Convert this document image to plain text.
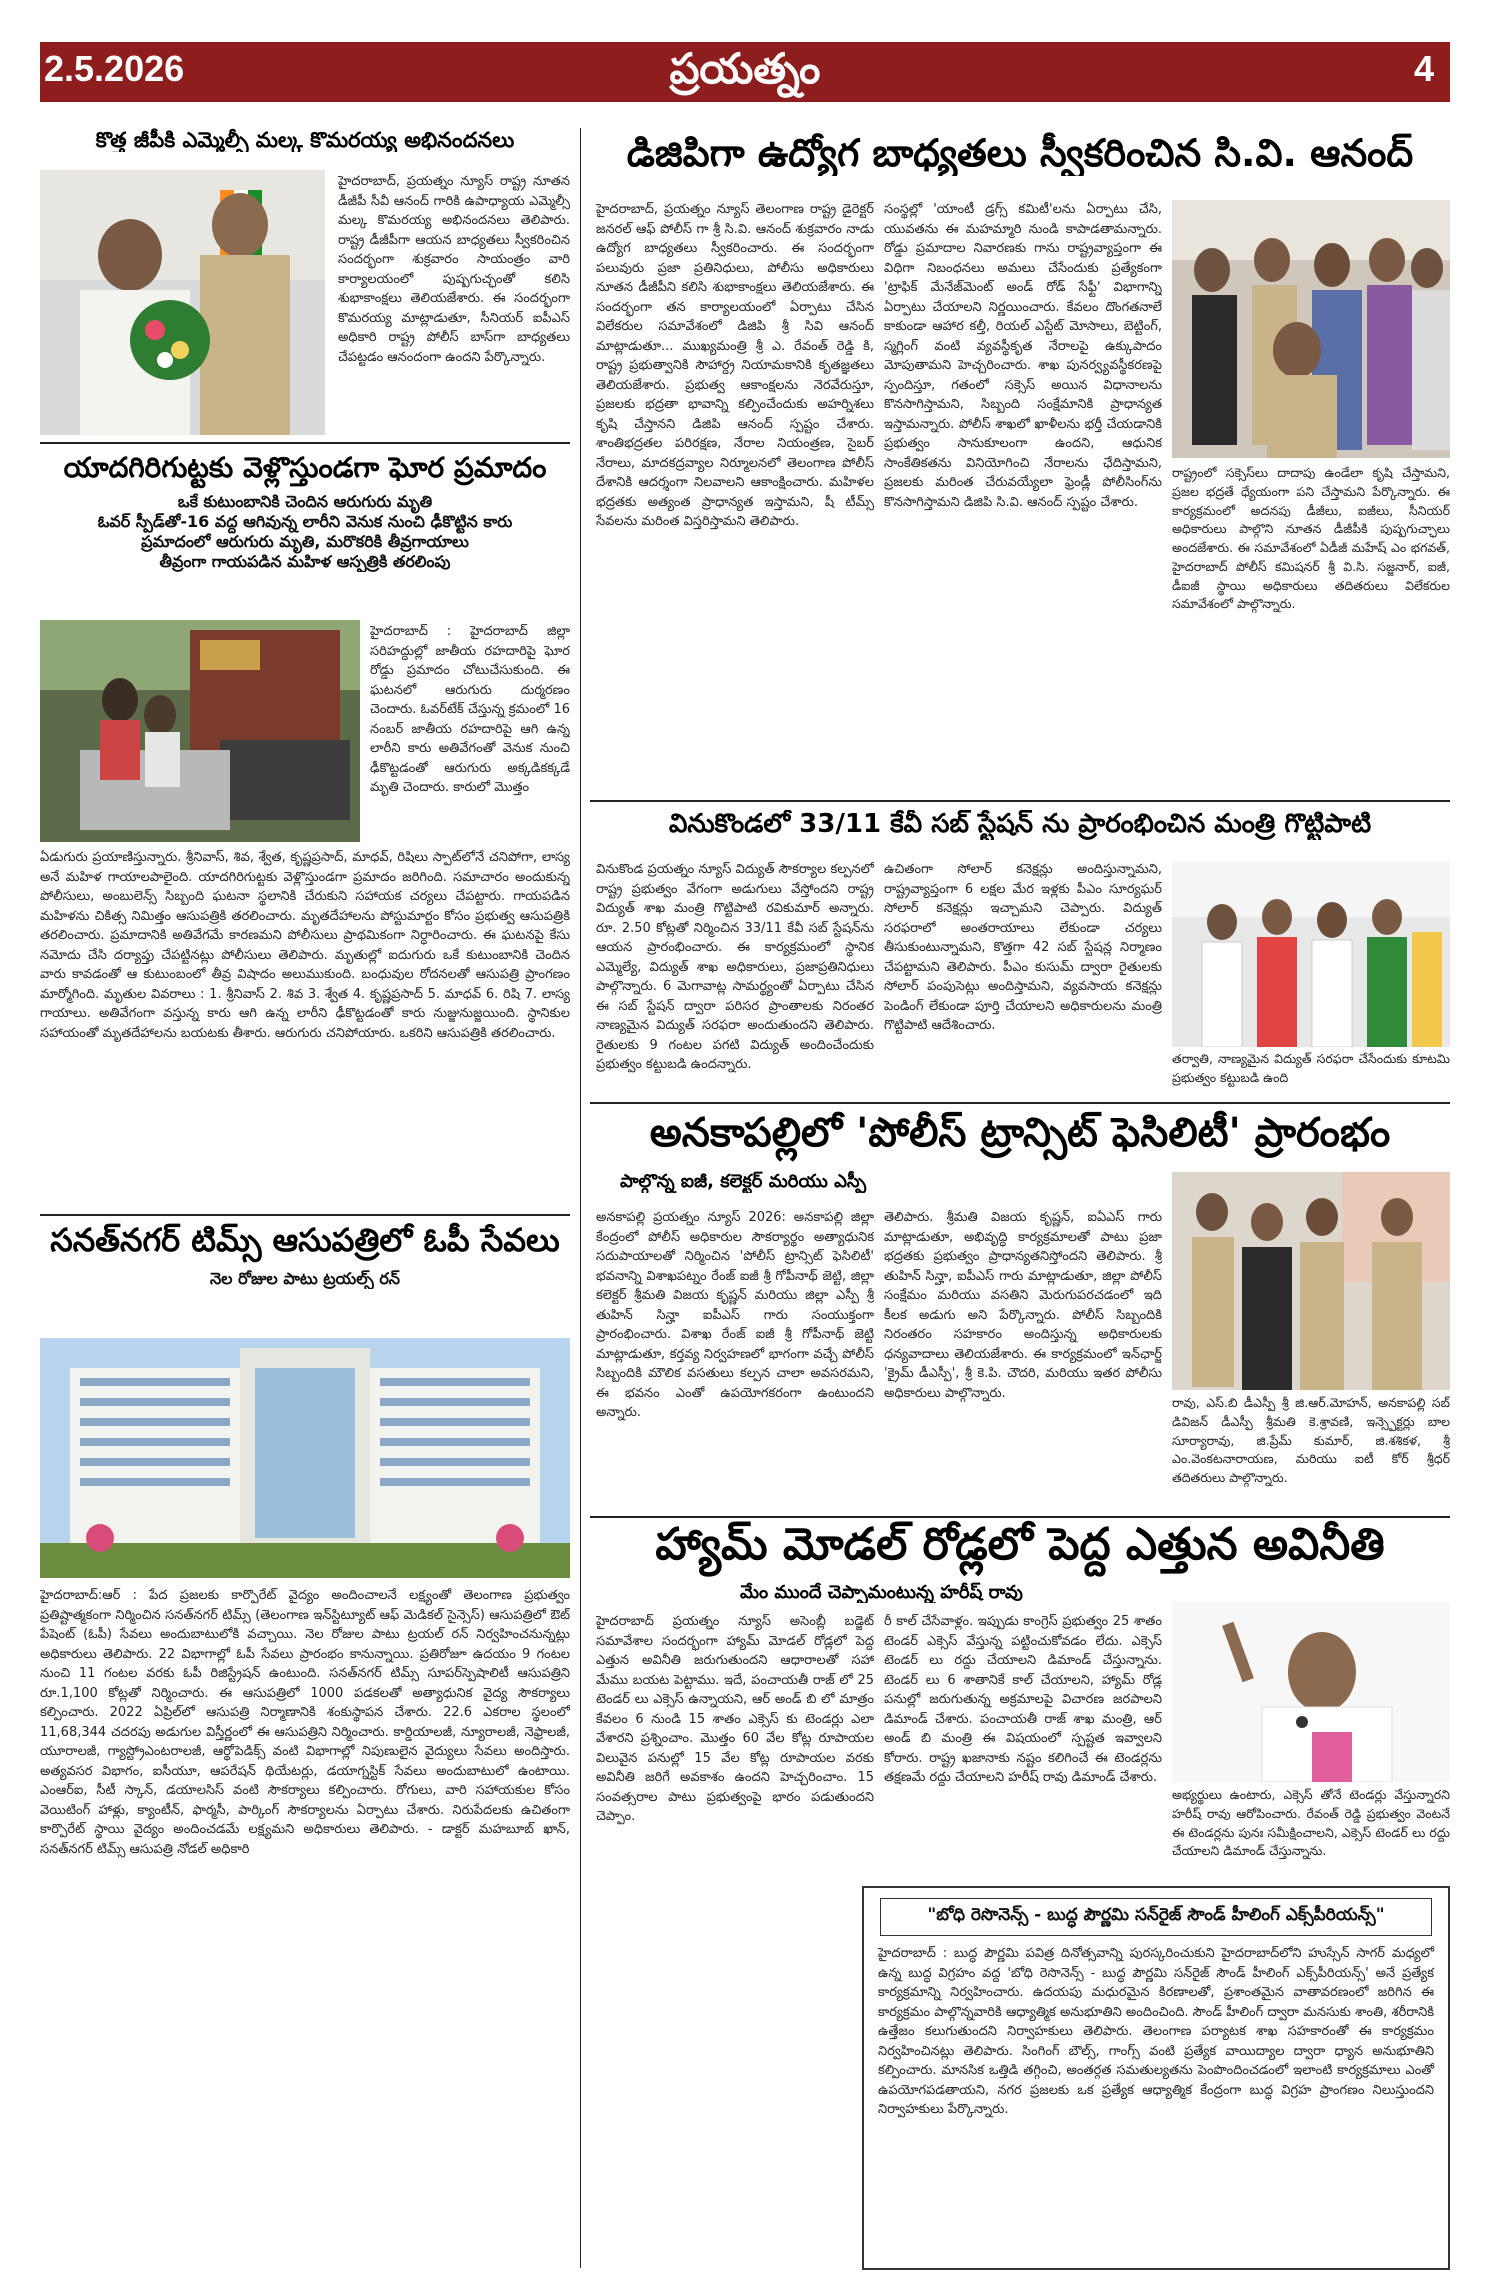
2.5.2026	ప్రయత్నం	4
కొత్త జీపీకి ఎమ్మెల్సీ మల్క కొమరయ్య అభినందనలు
హైదరాబాద్, ప్రయత్నం న్యూస్ రాష్ట్ర నూతన డీజీపీ సీవీ ఆనంద్ గారికి ఉపాధ్యాయ ఎమ్మెల్సీ మల్క కొమరయ్య అభినందనలు తెలిపారు. రాష్ట్ర డీజీపీగా ఆయన బాధ్యతలు స్వీకరించిన సందర్భంగా శుక్రవారం సాయంత్రం వారి కార్యాలయంలో పుష్పగుచ్ఛంతో కలిసి శుభాకాంక్షలు తెలియజేశారు. ఈ సందర్భంగా కొమరయ్య మాట్లాడుతూ, సీనియర్ ఐపీఎస్ అధికారి రాష్ట్ర పోలీస్ బాస్‌గా బాధ్యతలు చేపట్టడం ఆనందంగా ఉందని పేర్కొన్నారు.
యాదగిరిగుట్టకు వెళ్లొస్తుండగా ఘోర ప్రమాదం
ఒకే కుటుంబానికి చెందిన ఆరుగురు మృతి
ఓవర్ స్పీడ్‌తో-16 వద్ద ఆగివున్న లారీని వెనుక నుంచి ఢీకొట్టిన కారు
ప్రమాదంలో ఆరుగురు మృతి, మరొకరికి తీవ్రగాయాలు
తీవ్రంగా గాయపడిన మహిళ ఆస్పత్రికి తరలింపు
హైదరాబాద్ : హైదరాబాద్ జిల్లా సరిహద్దుల్లో జాతీయ రహదారిపై ఘోర రోడ్డు ప్రమాదం చోటుచేసుకుంది. ఈ ఘటనలో ఆరుగురు దుర్మరణం చెందారు. ఓవర్‌టేక్ చేస్తున్న క్రమంలో 16 నంబర్ జాతీయ రహదారిపై ఆగి ఉన్న లారీని కారు అతివేగంతో వెనుక నుంచి ఢీకొట్టడంతో ఆరుగురు అక్కడికక్కడే మృతి చెందారు. కారులో మొత్తం
ఏడుగురు ప్రయాణిస్తున్నారు. శ్రీనివాస్, శివ, శ్వేత, కృష్ణప్రసాద్, మాధవ్, రిషిలు స్పాట్‌లోనే చనిపోగా, లాస్య అనే మహిళ గాయాలపాలైంది. యాదగిరిగుట్టకు వెళ్లొస్తుండగా ప్రమాదం జరిగింది. సమాచారం అందుకున్న పోలీసులు, అంబులెన్స్ సిబ్బంది ఘటనా స్థలానికి చేరుకుని సహాయక చర్యలు చేపట్టారు. గాయపడిన మహిళను చికిత్స నిమిత్తం ఆసుపత్రికి తరలించారు. మృతదేహాలను పోస్టుమార్టం కోసం ప్రభుత్వ ఆసుపత్రికి తరలించారు. ప్రమాదానికి అతివేగమే కారణమని పోలీసులు ప్రాథమికంగా నిర్ధారించారు. ఈ ఘటనపై కేసు నమోదు చేసి దర్యాప్తు చేపట్టినట్లు పోలీసులు తెలిపారు. మృతుల్లో ఐదుగురు ఒకే కుటుంబానికి చెందిన వారు కావడంతో ఆ కుటుంబంలో తీవ్ర విషాదం అలుముకుంది. బంధువుల రోదనలతో ఆసుపత్రి ప్రాంగణం మార్మోగింది. మృతుల వివరాలు : 1. శ్రీనివాస్ 2. శివ 3. శ్వేత 4. కృష్ణప్రసాద్ 5. మాధవ్ 6. రిషి 7. లాస్య గాయాలు. అతివేగంగా వస్తున్న కారు ఆగి ఉన్న లారీని ఢీకొట్టడంతో కారు నుజ్జునుజ్జయింది. స్థానికుల సహాయంతో మృతదేహాలను బయటకు తీశారు. ఆరుగురు చనిపోయారు. ఒకరిని ఆసుపత్రికి తరలించారు.
సనత్‌నగర్ టిమ్స్ ఆసుపత్రిలో ఓపీ సేవలు
నెల రోజుల పాటు ట్రయల్స్ రన్
హైదరాబాద్:ఆర్ : పేద ప్రజలకు కార్పొరేట్ వైద్యం అందించాలనే లక్ష్యంతో తెలంగాణ ప్రభుత్వం ప్రతిష్టాత్మకంగా నిర్మించిన సనత్‌నగర్ టిమ్స్ (తెలంగాణ ఇన్‌స్టిట్యూట్ ఆఫ్ మెడికల్ సైన్సెస్) ఆసుపత్రిలో ఔట్ పేషెంట్ (ఓపీ) సేవలు అందుబాటులోకి వచ్చాయి. నెల రోజుల పాటు ట్రయల్ రన్ నిర్వహించనున్నట్లు అధికారులు తెలిపారు. 22 విభాగాల్లో ఓపీ సేవలు ప్రారంభం కానున్నాయి. ప్రతిరోజూ ఉదయం 9 గంటల నుంచి 11 గంటల వరకు ఓపీ రిజిస్ట్రేషన్ ఉంటుంది. సనత్‌నగర్ టిమ్స్ సూపర్‌స్పెషాలిటీ ఆసుపత్రిని రూ.1,100 కోట్లతో నిర్మించారు. ఈ ఆసుపత్రిలో 1000 పడకలతో అత్యాధునిక వైద్య సౌకర్యాలు కల్పించారు. 2022 ఏప్రిల్‌లో ఆసుపత్రి నిర్మాణానికి శంకుస్థాపన చేశారు. 22.6 ఎకరాల స్థలంలో 11,68,344 చదరపు అడుగుల విస్తీర్ణంలో ఈ ఆసుపత్రిని నిర్మించారు. కార్డియాలజీ, న్యూరాలజీ, నెఫ్రాలజీ, యూరాలజీ, గ్యాస్ట్రోఎంటరాలజీ, ఆర్థోపెడిక్స్ వంటి విభాగాల్లో నిపుణులైన వైద్యులు సేవలు అందిస్తారు. అత్యవసర విభాగం, ఐసీయూ, ఆపరేషన్ థియేటర్లు, డయాగ్నస్టిక్ సేవలు అందుబాటులో ఉంటాయి. ఎంఆర్ఐ, సీటీ స్కాన్, డయాలసిస్ వంటి సౌకర్యాలు కల్పించారు. రోగులు, వారి సహాయకుల కోసం వెయిటింగ్ హాళ్లు, క్యాంటీన్, ఫార్మసీ, పార్కింగ్ సౌకర్యాలను ఏర్పాటు చేశారు. నిరుపేదలకు ఉచితంగా కార్పొరేట్ స్థాయి వైద్యం అందించడమే లక్ష్యమని అధికారులు తెలిపారు. - డాక్టర్ మహబూబ్ ఖాన్, సనత్‌నగర్ టిమ్స్ ఆసుపత్రి నోడల్ అధికారి
డిజిపిగా ఉద్యోగ బాధ్యతలు స్వీకరించిన సి.వి. ఆనంద్
హైదరాబాద్, ప్రయత్నం న్యూస్ తెలంగాణ రాష్ట్ర డైరెక్టర్ జనరల్ ఆఫ్ పోలీస్ గా శ్రీ సి.వి. ఆనంద్ శుక్రవారం నాడు ఉద్యోగ బాధ్యతలు స్వీకరించారు. ఈ సందర్భంగా పలువురు ప్రజా ప్రతినిధులు, పోలీసు అధికారులు నూతన డీజీపీని కలిసి శుభాకాంక్షలు తెలియజేశారు. ఈ సందర్భంగా తన కార్యాలయంలో ఏర్పాటు చేసిన విలేకరుల సమావేశంలో డిజిపి శ్రీ సివి ఆనంద్ మాట్లాడుతూ... ముఖ్యమంత్రి శ్రీ ఎ. రేవంత్ రెడ్డి కి, రాష్ట్ర ప్రభుత్వానికి సౌహార్ద్ర నియామకానికి కృతజ్ఞతలు తెలియజేశారు. ప్రభుత్వ ఆకాంక్షలను నెరవేరుస్తూ, ప్రజలకు భద్రతా భావాన్ని కల్పించేందుకు అహర్నిశలు కృషి చేస్తానని డిజిపి ఆనంద్ స్పష్టం చేశారు. శాంతిభద్రతల పరిరక్షణ, నేరాల నియంత్రణ, సైబర్ నేరాలు, మాదకద్రవ్యాల నిర్మూలనలో తెలంగాణ పోలీస్ దేశానికి ఆదర్శంగా నిలవాలని ఆకాంక్షించారు. మహిళల భద్రతకు అత్యంత ప్రాధాన్యత ఇస్తామని, షీ టీమ్స్ సేవలను మరింత విస్తరిస్తామని తెలిపారు.
సంస్థల్లో 'యాంటీ డ్రగ్స్ కమిటీ'లను ఏర్పాటు చేసి, యువతను ఈ మహమ్మారి నుండి కాపాడతామన్నారు. రోడ్డు ప్రమాదాల నివారణకు గాను రాష్ట్రవ్యాప్తంగా ఈ విధిగా నిబంధనలు అమలు చేసేందుకు ప్రత్యేకంగా 'ట్రాఫిక్ మేనేజ్‌మెంట్ అండ్ రోడ్ సేఫ్టీ' విభాగాన్ని ఏర్పాటు చేయాలని నిర్ణయించారు. కేవలం దొంగతనాలే కాకుండా ఆహార కల్తీ, రియల్ ఎస్టేట్ మోసాలు, బెట్టింగ్, స్మగ్లింగ్ వంటి వ్యవస్థీకృత నేరాలపై ఉక్కుపాదం మోపుతామని హెచ్చరించారు. శాఖ పునర్వ్యవస్థీకరణపై స్పందిస్తూ, గతంలో సక్సెస్ అయిన విధానాలను కొనసాగిస్తామని, సిబ్బంది సంక్షేమానికి ప్రాధాన్యత ఇస్తామన్నారు. పోలీస్ శాఖలో ఖాళీలను భర్తీ చేయడానికి ప్రభుత్వం సానుకూలంగా ఉందని, ఆధునిక సాంకేతికతను వినియోగించి నేరాలను ఛేదిస్తామని, ప్రజలకు మరింత చేరువయ్యేలా ఫ్రెండ్లీ పోలీసింగ్‌ను కొనసాగిస్తామని డిజిపి సి.వి. ఆనంద్ స్పష్టం చేశారు.
రాష్ట్రంలో సక్సెస్‌లు దాదాపు ఉండేలా కృషి చేస్తామని, ప్రజల భద్రతే ధ్యేయంగా పని చేస్తామని పేర్కొన్నారు. ఈ కార్యక్రమంలో అదనపు డీజీలు, ఐజీలు, సీనియర్ అధికారులు పాల్గొని నూతన డీజీపీకి పుష్పగుచ్ఛాలు అందజేశారు. ఈ సమావేశంలో ఏడీజీ మహేష్ ఎం భగవత్, హైదరాబాద్ పోలీస్ కమిషనర్ శ్రీ వి.సి. సజ్జనార్, ఐజీ, డీఐజీ స్థాయి అధికారులు తదితరులు విలేకరుల సమావేశంలో పాల్గొన్నారు.
వినుకొండలో 33/11 కేవీ సబ్ స్టేషన్ ను ప్రారంభించిన మంత్రి గొట్టిపాటి
వినుకొండ ప్రయత్నం న్యూస్ విద్యుత్ సౌకర్యాల కల్పనలో రాష్ట్ర ప్రభుత్వం వేగంగా అడుగులు వేస్తోందని రాష్ట్ర విద్యుత్ శాఖ మంత్రి గొట్టిపాటి రవికుమార్ అన్నారు. రూ. 2.50 కోట్లతో నిర్మించిన 33/11 కేవీ సబ్ స్టేషన్‌ను ఆయన ప్రారంభించారు. ఈ కార్యక్రమంలో స్థానిక ఎమ్మెల్యే, విద్యుత్ శాఖ అధికారులు, ప్రజాప్రతినిధులు పాల్గొన్నారు. 6 మెగావాట్ల సామర్థ్యంతో ఏర్పాటు చేసిన ఈ సబ్ స్టేషన్ ద్వారా పరిసర ప్రాంతాలకు నిరంతర నాణ్యమైన విద్యుత్ సరఫరా అందుతుందని తెలిపారు. రైతులకు 9 గంటల పగటి విద్యుత్ అందించేందుకు ప్రభుత్వం కట్టుబడి ఉందన్నారు.
ఉచితంగా సోలార్ కనెక్షన్లు అందిస్తున్నామని, రాష్ట్రవ్యాప్తంగా 6 లక్షల మేర ఇళ్లకు పీఎం సూర్యఘర్ సోలార్ కనెక్షన్లు ఇచ్చామని చెప్పారు. విద్యుత్ సరఫరాలో అంతరాయాలు లేకుండా చర్యలు తీసుకుంటున్నామని, కొత్తగా 42 సబ్ స్టేషన్ల నిర్మాణం చేపట్టామని తెలిపారు. పీఎం కుసుమ్ ద్వారా రైతులకు సోలార్ పంపుసెట్లు అందిస్తామని, వ్యవసాయ కనెక్షన్లు పెండింగ్ లేకుండా పూర్తి చేయాలని అధికారులను మంత్రి గొట్టిపాటి ఆదేశించారు.
తర్వాతి, నాణ్యమైన విద్యుత్ సరఫరా చేసేందుకు కూటమి ప్రభుత్వం కట్టుబడి ఉంది
అనకాపల్లిలో 'పోలీస్ ట్రాన్సిట్ ఫెసిలిటీ' ప్రారంభం
పాల్గొన్న ఐజీ, కలెక్టర్ మరియు ఎస్పీ
అనకాపల్లి ప్రయత్నం న్యూస్ 2026: అనకాపల్లి జిల్లా కేంద్రంలో పోలీస్ అధికారుల సౌకర్యార్థం అత్యాధునిక సదుపాయాలతో నిర్మించిన 'పోలీస్ ట్రాన్సిట్ ఫెసిలిటీ' భవనాన్ని విశాఖపట్నం రేంజ్ ఐజీ శ్రీ గోపీనాథ్ జెట్టి, జిల్లా కలెక్టర్ శ్రీమతి విజయ కృష్ణన్ మరియు జిల్లా ఎస్పీ శ్రీ తుహిన్ సిన్హా ఐపీఎస్ గారు సంయుక్తంగా ప్రారంభించారు. విశాఖ రేంజ్ ఐజీ శ్రీ గోపీనాథ్ జెట్టి మాట్లాడుతూ, కర్తవ్య నిర్వహణలో భాగంగా వచ్చే పోలీస్ సిబ్బందికి మౌలిక వసతులు కల్పన చాలా అవసరమని, ఈ భవనం ఎంతో ఉపయోగకరంగా ఉంటుందని అన్నారు.
తెలిపారు. శ్రీమతి విజయ కృష్ణన్, ఐఏఎస్ గారు మాట్లాడుతూ, అభివృద్ధి కార్యక్రమాలతో పాటు ప్రజా భద్రతకు ప్రభుత్వం ప్రాధాన్యతనిస్తోందని తెలిపారు. శ్రీ తుహిన్ సిన్హా, ఐపీఎస్ గారు మాట్లాడుతూ, జిల్లా పోలీస్ సంక్షేమం మరియు వసతిని మెరుగుపరచడంలో ఇది కీలక అడుగు అని పేర్కొన్నారు. పోలీస్ సిబ్బందికి నిరంతరం సహకారం అందిస్తున్న అధికారులకు ధన్యవాదాలు తెలియజేశారు. ఈ కార్యక్రమంలో ఇన్‌ఛార్జ్ 'క్రైమ్ డీఎస్పీ', శ్రీ కె.పి. చౌదరి, మరియు ఇతర పోలీసు అధికారులు పాల్గొన్నారు.
రావు, ఎస్.బి డీఎస్పీ శ్రీ జి.ఆర్.మోహన్, అనకాపల్లి సబ్ డివిజన్ డీఎస్పీ శ్రీమతి కె.శ్రావణి, ఇన్స్పెక్టర్లు బాల సూర్యారావు, జి.ప్రేమ్ కుమార్, జి.శశికళ, శ్రీ ఎం.వెంకటనారాయణ, మరియు ఐటీ కోర్ శ్రీధర్ తదితరులు పాల్గొన్నారు.
హ్యామ్ మోడల్ రోడ్లలో పెద్ద ఎత్తున అవినీతి
మేం ముందే చెప్పామంటున్న హరీష్ రావు
హైదరాబాద్ ప్రయత్నం న్యూస్ అసెంబ్లీ బడ్జెట్ సమావేశాల సందర్భంగా హ్యామ్ మోడల్ రోడ్లలో పెద్ద ఎత్తున అవినీతి జరుగుతుందని ఆధారాలతో సహా మేము బయట పెట్టాము. ఇదే, పంచాయతీ రాజ్ లో 25 టెండర్ లు ఎక్సెస్ ఉన్నాయని, ఆర్ అండ్ బి లో మాత్రం కేవలం 6 నుండి 15 శాతం ఎక్సెస్ కు టెండర్లు ఎలా వేశారని ప్రశ్నించాం. మొత్తం 60 వేల కోట్ల రూపాయల విలువైన పనుల్లో 15 వేల కోట్ల రూపాయల వరకు అవినీతి జరిగే అవకాశం ఉందని హెచ్చరించాం. 15 సంవత్సరాల పాటు ప్రభుత్వంపై భారం పడుతుందని చెప్పాం.
రీ కాల్ చేసేవాళ్లం. ఇప్పుడు కాంగ్రెస్ ప్రభుత్వం 25 శాతం టెండర్ ఎక్సెస్ వేస్తున్న పట్టించుకోవడం లేదు. ఎక్సెస్ టెండర్ లు రద్దు చేయాలని డిమాండ్ చేస్తున్నాను. టెండర్ లు 6 శాతానికే కాల్ చేయాలని, హ్యామ్ రోడ్ల పనుల్లో జరుగుతున్న అక్రమాలపై విచారణ జరపాలని డిమాండ్ చేశారు. పంచాయతీ రాజ్ శాఖ మంత్రి, ఆర్ అండ్ బి మంత్రి ఈ విషయంలో స్పష్టత ఇవ్వాలని కోరారు. రాష్ట్ర ఖజానాకు నష్టం కలిగించే ఈ టెండర్లను తక్షణమే రద్దు చేయాలని హరీష్ రావు డిమాండ్ చేశారు.
అభ్యర్థులు ఉంటారు, ఎక్సెస్ తోనే టెండర్లు వేస్తున్నారని హరీష్ రావు ఆరోపించారు. రేవంత్ రెడ్డి ప్రభుత్వం వెంటనే ఈ టెండర్లను పునః సమీక్షించాలని, ఎక్సెస్ టెండర్ లు రద్దు చేయాలని డిమాండ్ చేస్తున్నాను.
"బోధి రెసొనెన్స్ - బుద్ధ పౌర్ణమి సన్‌రైజ్ సౌండ్ హీలింగ్ ఎక్స్‌పీరియన్స్"
హైదరాబాద్ : బుద్ధ పౌర్ణమి పవిత్ర దినోత్సవాన్ని పురస్కరించుకుని హైదరాబాద్‌లోని హుస్సేన్ సాగర్ మధ్యలో ఉన్న బుద్ధ విగ్రహం వద్ద 'బోధి రెసొనెన్స్ - బుద్ధ పౌర్ణమి సన్‌రైజ్ సౌండ్ హీలింగ్ ఎక్స్‌పీరియన్స్' అనే ప్రత్యేక కార్యక్రమాన్ని నిర్వహించారు. ఉదయపు మధురమైన కిరణాలతో, ప్రశాంతమైన వాతావరణంలో జరిగిన ఈ కార్యక్రమం పాల్గొన్నవారికి ఆధ్యాత్మిక అనుభూతిని అందించింది. సౌండ్ హీలింగ్ ద్వారా మనసుకు శాంతి, శరీరానికి ఉత్తేజం కలుగుతుందని నిర్వాహకులు తెలిపారు. తెలంగాణ పర్యాటక శాఖ సహకారంతో ఈ కార్యక్రమం నిర్వహించినట్లు తెలిపారు. సింగింగ్ బౌల్స్, గాంగ్స్ వంటి ప్రత్యేక వాయిద్యాల ద్వారా ధ్యాన అనుభూతిని కల్పించారు. మానసిక ఒత్తిడి తగ్గించి, అంతర్గత సమతుల్యతను పెంపొందించడంలో ఇలాంటి కార్యక్రమాలు ఎంతో ఉపయోగపడతాయని, నగర ప్రజలకు ఒక ప్రత్యేక ఆధ్యాత్మిక కేంద్రంగా బుద్ధ విగ్రహ ప్రాంగణం నిలుస్తుందని నిర్వాహకులు పేర్కొన్నారు.
